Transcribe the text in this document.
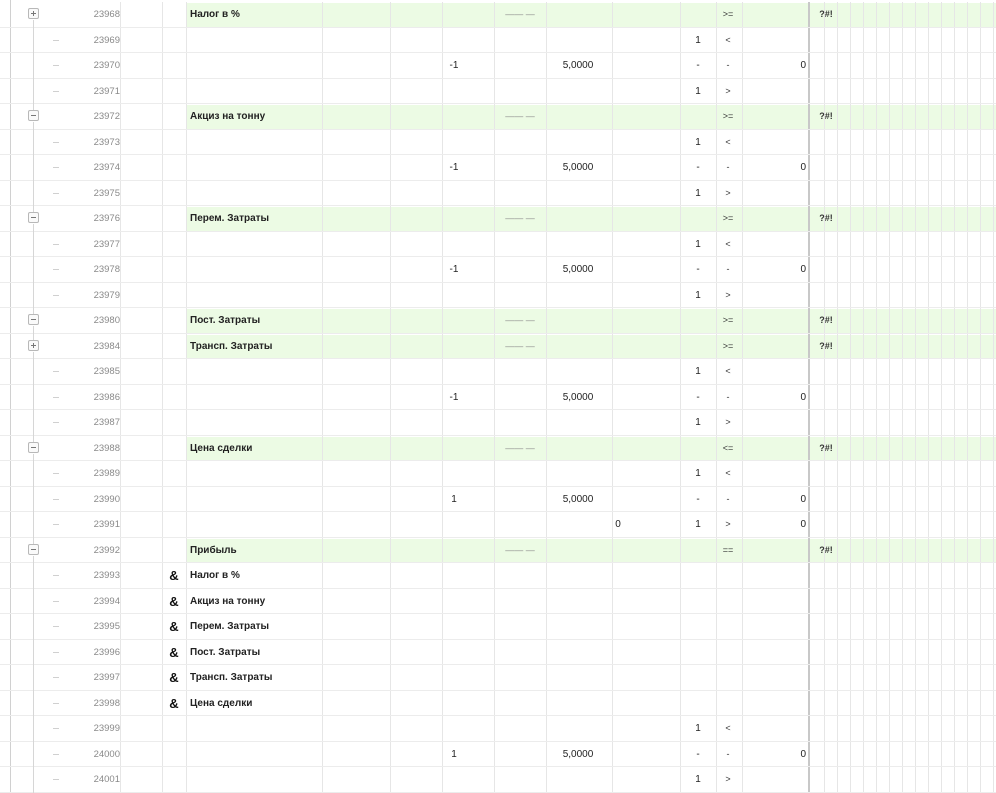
23968	Налог в %	—— —	>=	?#!
23969	1	<
23970	-1	5,0000	-	-	0
23971	1	>
23972	Акциз на тонну	—— —	>=	?#!
23973	1	<
23974	-1	5,0000	-	-	0
23975	1	>
23976	Перем. Затраты	—— —	>=	?#!
23977	1	<
23978	-1	5,0000	-	-	0
23979	1	>
23980	Пост. Затраты	—— —	>=	?#!
23984	Трансп. Затраты	—— —	>=	?#!
23985	1	<
23986	-1	5,0000	-	-	0
23987	1	>
23988	Цена сделки	—— —	<=	?#!
23989	1	<
23990	1	5,0000	-	-	0
23991	0	1	>	0
23992	Прибыль	—— —	==	?#!
23993	&	Налог в %
23994	&	Акциз на тонну
23995	&	Перем. Затраты
23996	&	Пост. Затраты
23997	&	Трансп. Затраты
23998	&	Цена сделки
23999	1	<
24000	1	5,0000	-	-	0
24001	1	>
